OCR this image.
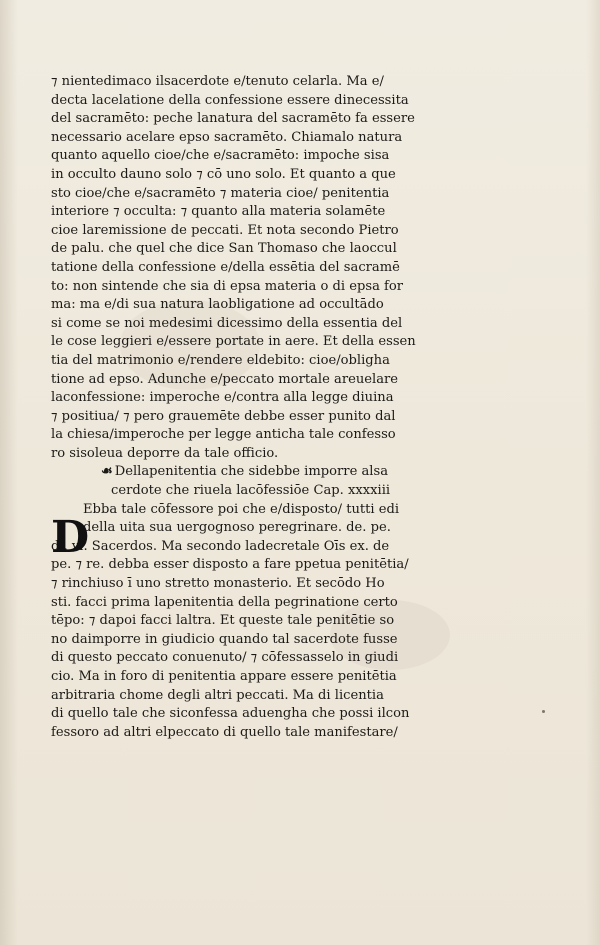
⁊ nientedimaco ilsacerdote e/tenuto celarla. Ma e/
decta lacelatione della confessione essere dinecessita
del sacramēto: peche lanatura del sacramēto fa essere
necessario acelare epso sacramēto. Chiamalo natura
quanto aquello cioe/che e/sacramēto: impoche sisa
in occulto dauno solo ⁊ cō uno solo. Et quanto a que
sto cioe/che e/sacramēto ⁊ materia cioe/ penitentia
interiore ⁊ occulta: ⁊ quanto alla materia solamēte
cioe laremissione de peccati. Et nota secondo Pietro
de palu. che quel che dice San Thomaso che laoccul
tatione della confessione e/della essētia del sacramē
to: non sintende che sia di epsa materia o di epsa for
ma: ma e/di sua natura laobligatione ad occultādo
si come se noi medesimi dicessimo della essentia del
le cose leggieri e/essere portate in aere. Et della essen
tia del matrimonio e/rendere eldebito: cioe/obligha
tione ad epso. Adunche e/peccato mortale areuelare
laconfessione: imperoche e/contra alla legge diuina
⁊ positiua/ ⁊ pero grauemēte debbe esser punito dal
la chiesa/imperoche per legge anticha tale confesso
ro sisoleua deporre da tale officio.
☙ Dellapenitentia che sidebbe imporre alsa
cerdote che riuela lacōfessiōe Cap. xxxxiii
Ebba tale cōfessore poi che e/disposto/ tutti edi
della uita sua uergognoso peregrinare. de. pe.
di. vi. Sacerdos. Ma secondo ladecretale Oīs ex. de
pe. ⁊ re. debba esser disposto a fare ppetua penitētia/
⁊ rinchiuso ī uno stretto monasterio. Et secōdo Ho
sti. facci prima lapenitentia della pegrinatione certo
tēpo: ⁊ dapoi facci laltra. Et queste tale penitētie so
no daimporre in giudicio quando tal sacerdote fusse
di questo peccato conuenuto/ ⁊ cōfessasselo in giudi
cio. Ma in foro di penitentia appare essere penitētia
arbitraria chome degli altri peccati. Ma di licentia
di quello tale che siconfessa aduengha che possi ilcon
fessoro ad altri elpeccato di quello tale manifestare/
D
